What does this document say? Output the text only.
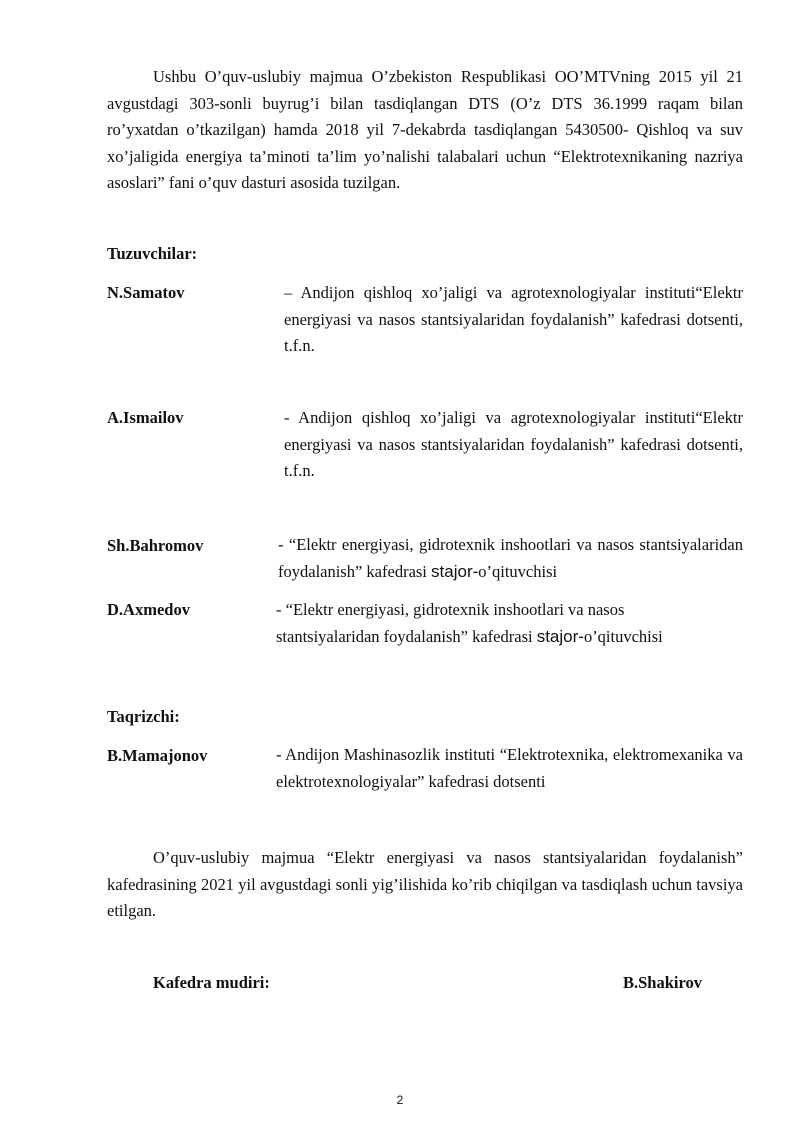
Ushbu O’quv-uslubiy majmua O’zbekiston Respublikasi OO’MTVning 2015 yil 21 avgustdagi 303-sonli buyrug’i bilan tasdiqlangan DTS (O’z DTS 36.1999 raqam bilan ro’yxatdan o’tkazilgan) hamda 2018 yil 7-dekabrda tasdiqlangan 5430500- Qishloq va suv xo’jaligida energiya ta’minoti ta’lim yo’nalishi talabalari uchun “Elektrotexnikaning nazriya asoslari” fani o’quv dasturi asosida tuzilgan.

Tuzuvchilar:
N.Samatov	– Andijon qishloq xo’jaligi va agrotexnologiyalar instituti“Elektr energiyasi va nasos stantsiyalaridan foydalanish” kafedrasi dotsenti, t.f.n.
A.Ismailov	- Andijon qishloq xo’jaligi va agrotexnologiyalar instituti“Elektr energiyasi va nasos stantsiyalaridan foydalanish” kafedrasi dotsenti, t.f.n.
Sh.Bahromov	- “Elektr energiyasi, gidrotexnik inshootlari va nasos stantsiyalaridan foydalanish” kafedrasi stajor-o’qituvchisi
D.Axmedov	- “Elektr energiyasi, gidrotexnik inshootlari va nasos stantsiyalaridan foydalanish” kafedrasi stajor-o’qituvchisi
Taqrizchi:
B.Mamajonov	- Andijon Mashinasozlik instituti “Elektrotexnika, elektromexanika va elektrotexnologiyalar” kafedrasi dotsenti

O’quv-uslubiy majmua “Elektr energiyasi va nasos stantsiyalaridan foydalanish” kafedrasining 2021 yil avgustdagi sonli yig’ilishida ko’rib chiqilgan va tasdiqlash uchun tavsiya etilgan.

Kafedra mudiri:	B.Shakirov
2
